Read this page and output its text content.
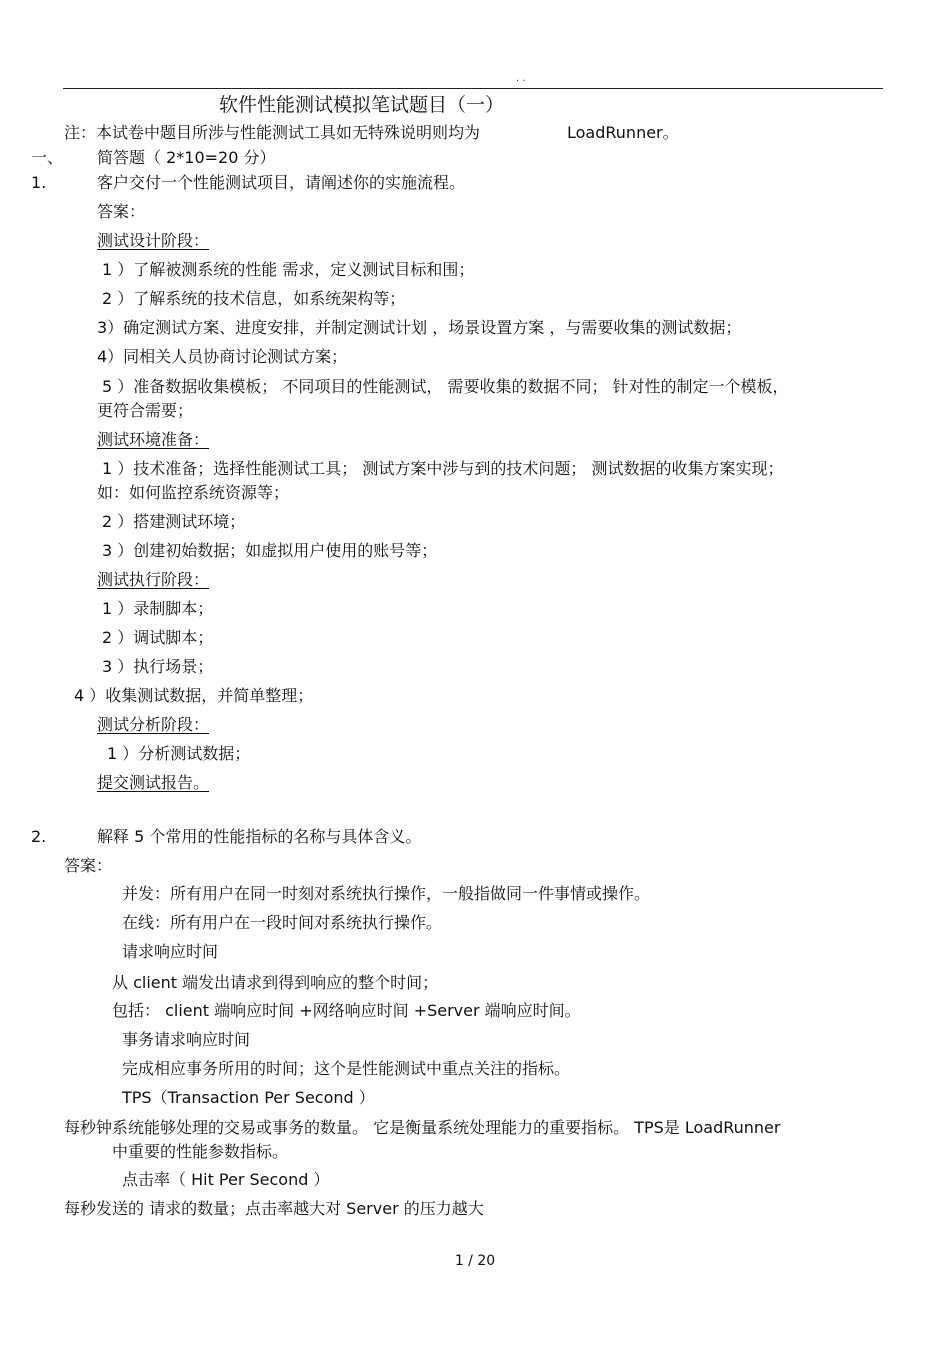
. .
软件性能测试模拟笔试题目（一）
注：本试卷中题目所涉与性能测试工具如无特殊说明则均为	LoadRunner。
一、 简答题（ 2*10=20 分）
1.	客户交付一个性能测试项目，请阐述你的实施流程。
答案：
测试设计阶段：
1 ）了解被测系统的性能 需求，定义测试目标和围；
2 ）了解系统的技术信息，如系统架构等；
3）确定测试方案、进度安排，并制定测试计划 ，场景设置方案 ，与需要收集的测试数据；
4）同相关人员协商讨论测试方案；
5 ）准备数据收集模板； 不同项目的性能测试， 需要收集的数据不同； 针对性的制定一个模板，
更符合需要；
测试环境准备：
1 ）技术准备；选择性能测试工具； 测试方案中涉与到的技术问题； 测试数据的收集方案实现；
如：如何监控系统资源等；
2 ）搭建测试环境；
3 ）创建初始数据；如虚拟用户使用的账号等；
测试执行阶段：
1 ）录制脚本；
2 ）调试脚本；
3 ）执行场景；
4 ）收集测试数据，并简单整理；
测试分析阶段：
1 ）分析测试数据；
提交测试报告。
2.	解释 5 个常用的性能指标的名称与具体含义。
答案：
并发：所有用户在同一时刻对系统执行操作，一般指做同一件事情或操作。
在线：所有用户在一段时间对系统执行操作。
请求响应时间
从 client 端发出请求到得到响应的整个时间；
包括： client 端响应时间 +网络响应时间 +Server 端响应时间。
事务请求响应时间
完成相应事务所用的时间；这个是性能测试中重点关注的指标。
TPS（Transaction Per Second ）
每秒钟系统能够处理的交易或事务的数量。 它是衡量系统处理能力的重要指标。 TPS是 LoadRunner
中重要的性能参数指标。
点击率（ Hit Per Second ）
每秒发送的 请求的数量；点击率越大对 Server 的压力越大
1 / 20
